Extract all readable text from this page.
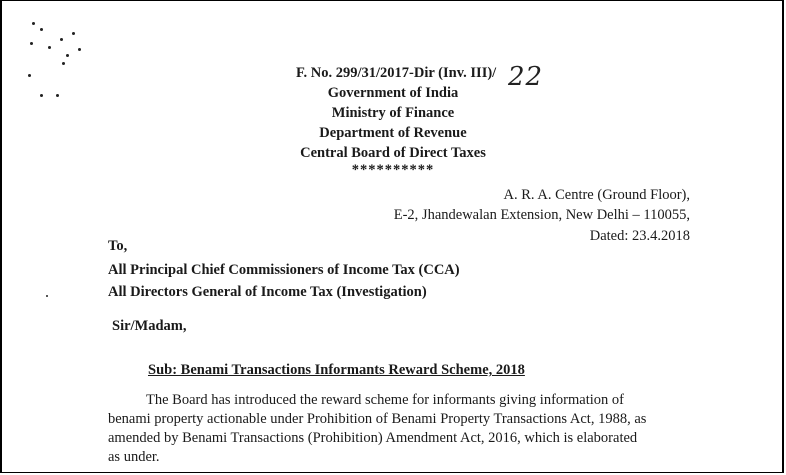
F. No. 299/31/2017-Dir (Inv. III)/ 22
Government of India
Ministry of Finance
Department of Revenue
Central Board of Direct Taxes
**********
A. R. A. Centre (Ground Floor),
E-2, Jhandewalan Extension, New Delhi – 110055,
Dated: 23.4.2018
To,
All Principal Chief Commissioners of Income Tax (CCA)
All Directors General of Income Tax (Investigation)
Sir/Madam,
Sub: Benami Transactions Informants Reward Scheme, 2018
The Board has introduced the reward scheme for informants giving information of
benami property actionable under Prohibition of Benami Property Transactions Act, 1988, as
amended by Benami Transactions (Prohibition) Amendment Act, 2016, which is elaborated
as under.
